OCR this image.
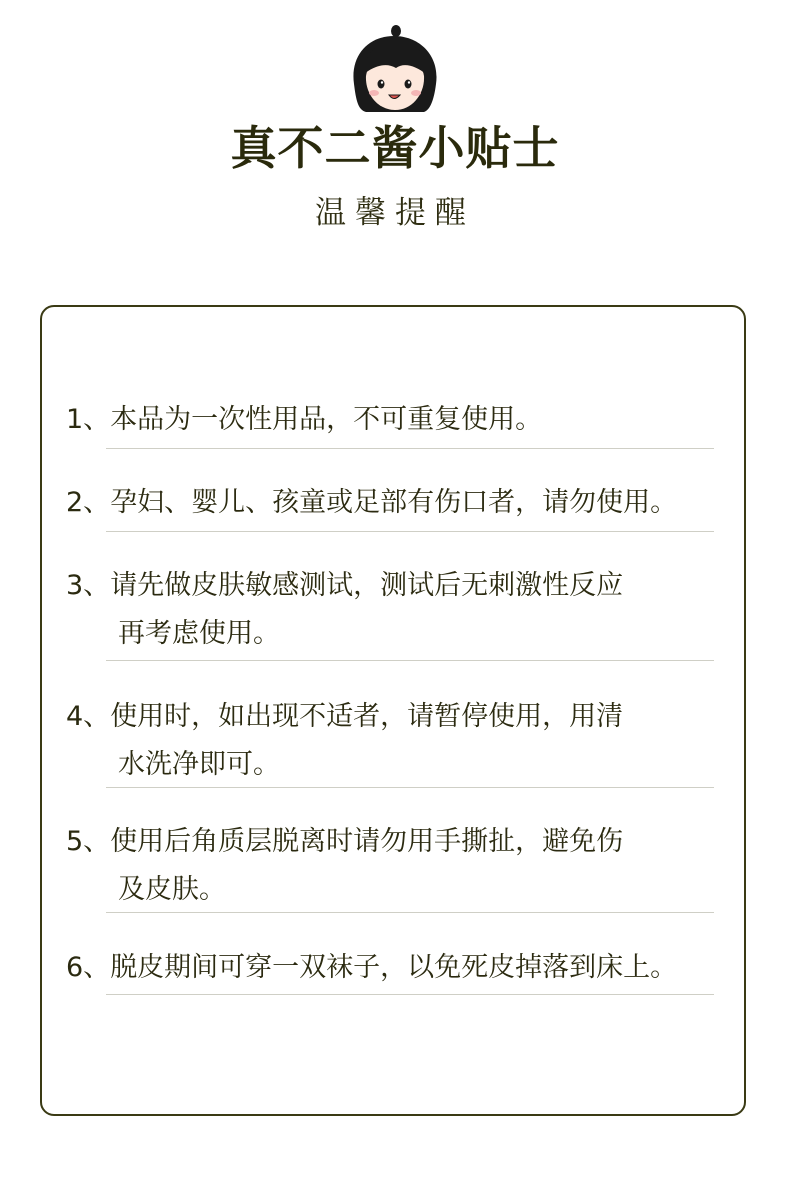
真不二酱小贴士
温馨提醒
1、本品为一次性用品，不可重复使用。
2、孕妇、婴儿、孩童或足部有伤口者，请勿使用。
3、请先做皮肤敏感测试，测试后无刺激性反应
再考虑使用。
4、使用时，如出现不适者，请暂停使用，用清
水洗净即可。
5、使用后角质层脱离时请勿用手撕扯，避免伤
及皮肤。
6、脱皮期间可穿一双袜子，以免死皮掉落到床上。
